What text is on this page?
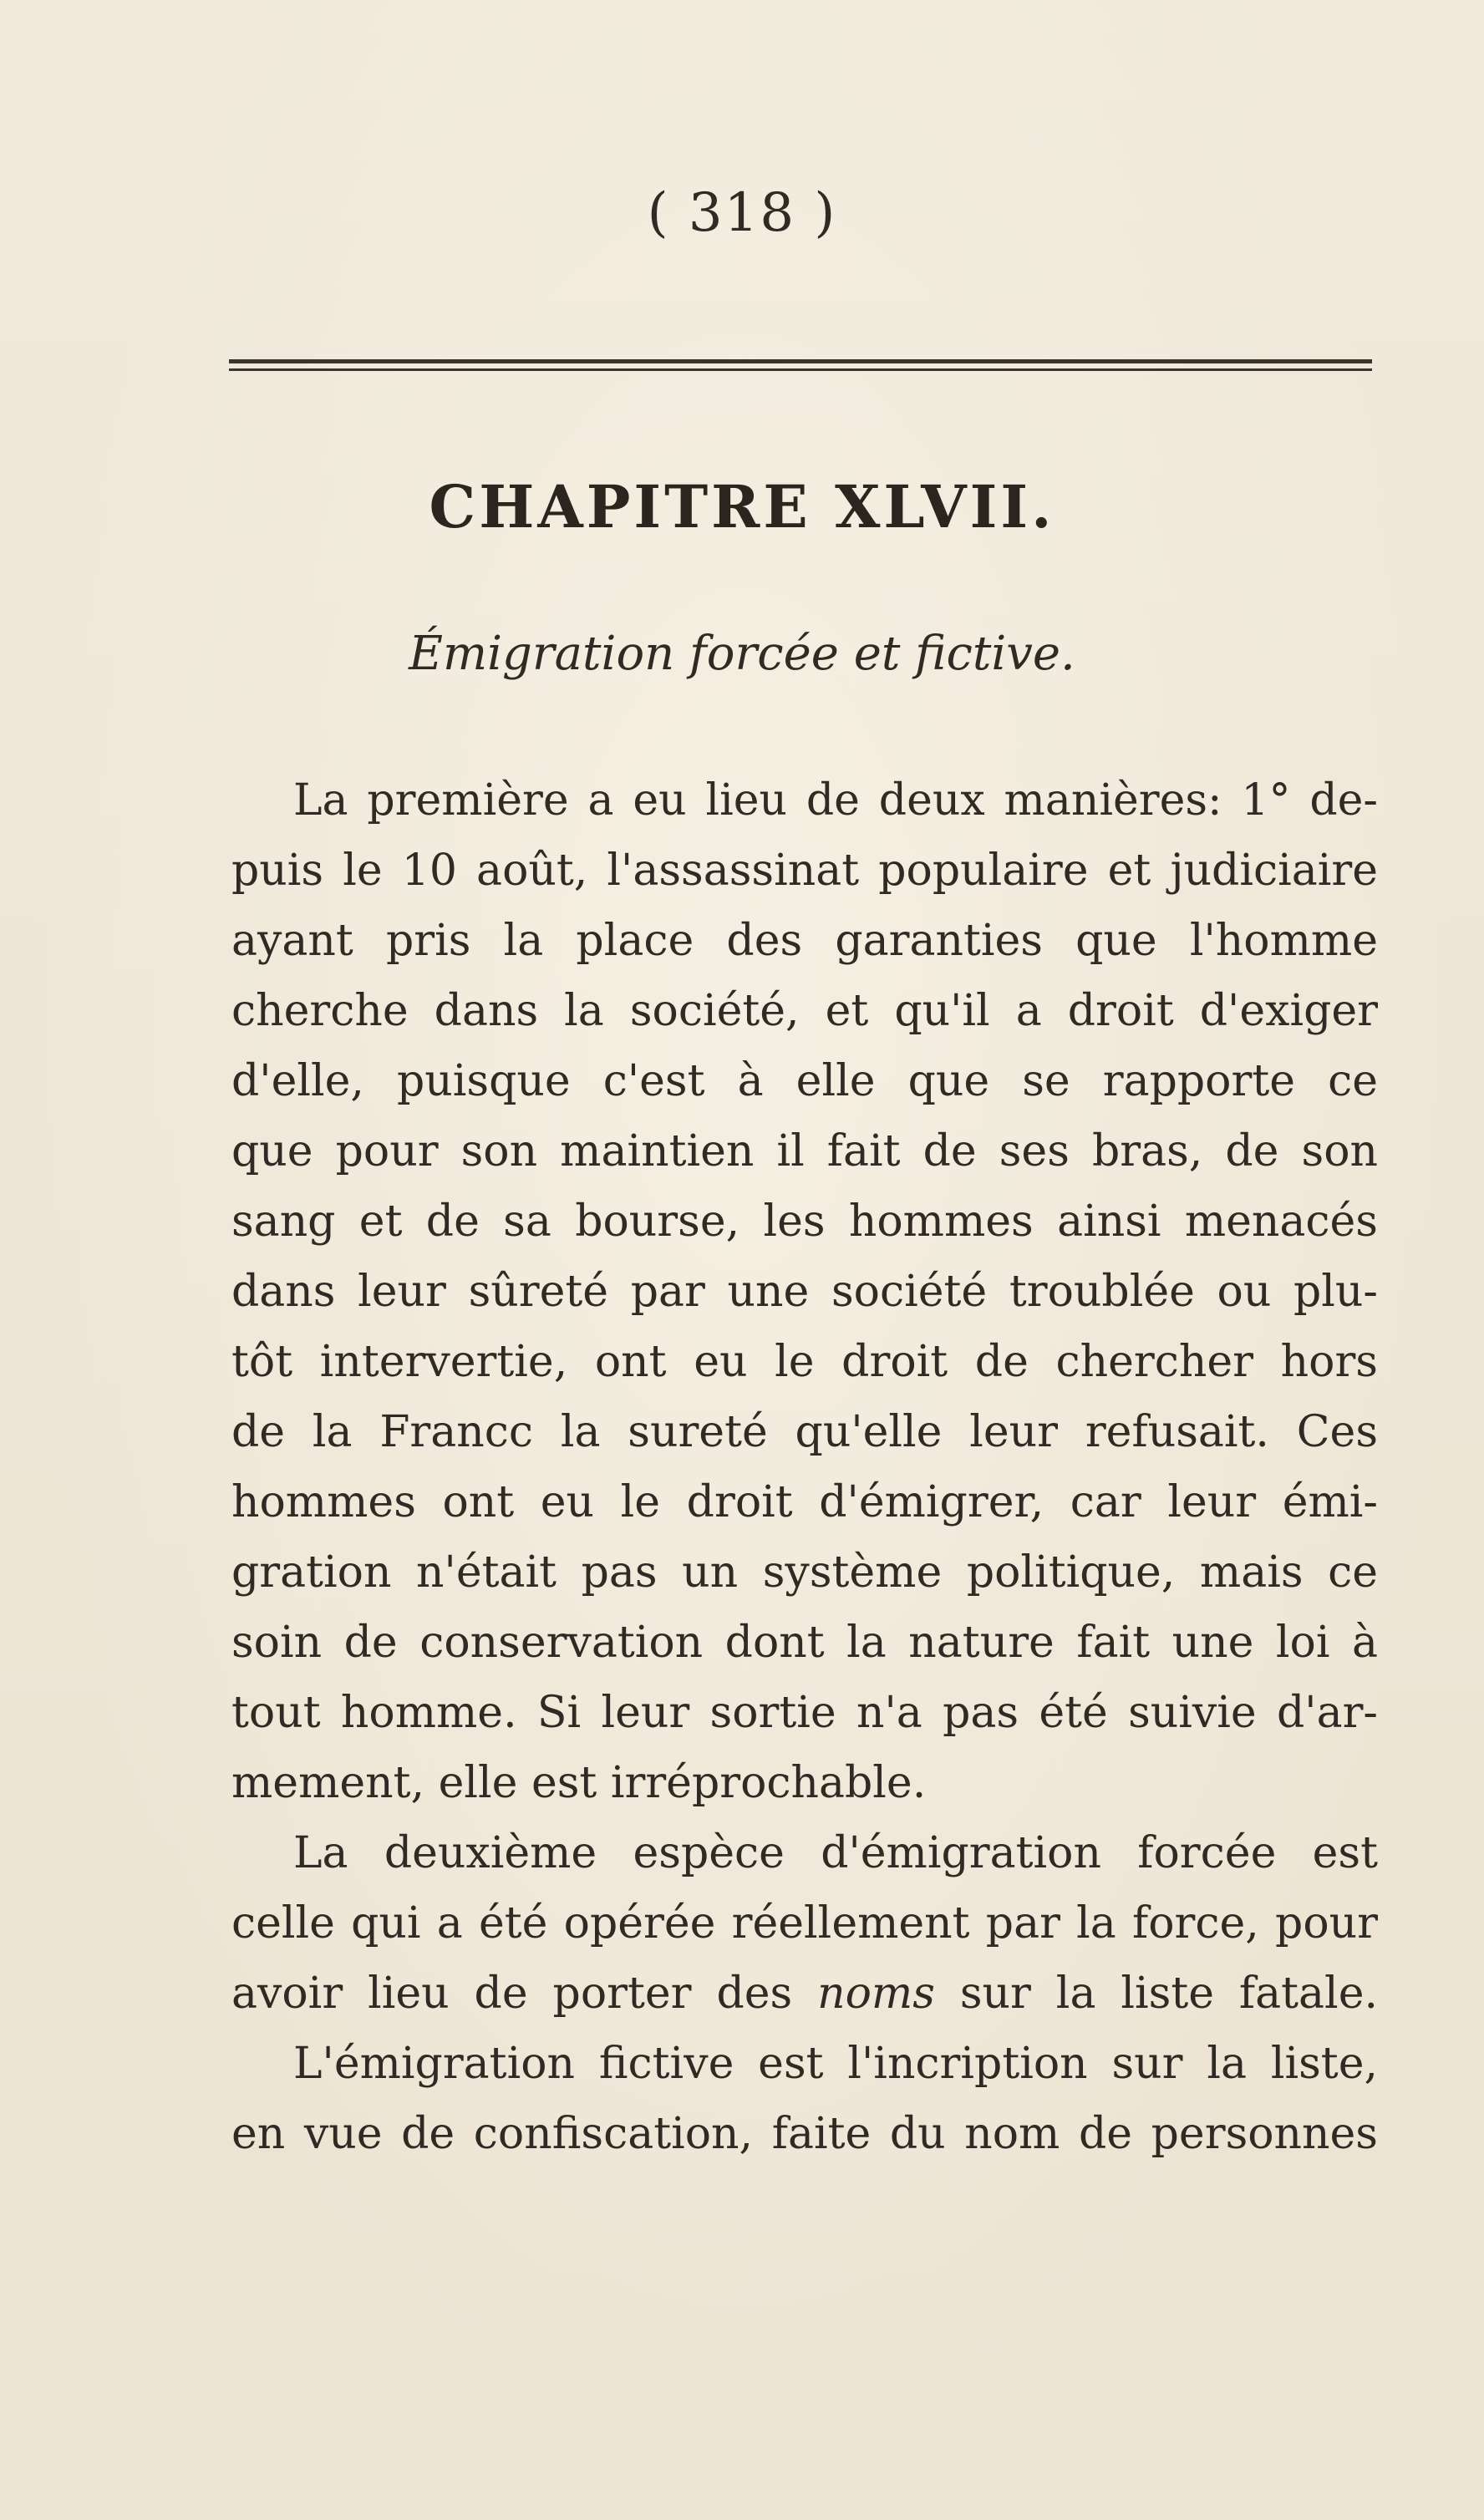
( 318 )
CHAPITRE XLVII.
Émigration forcée et fictive.
La première a eu lieu de deux manières: 1° de-
puis le 10 août, l'assassinat populaire et judiciaire
ayant pris la place des garanties que l'homme
cherche dans la société, et qu'il a droit d'exiger
d'elle, puisque c'est à elle que se rapporte ce
que pour son maintien il fait de ses bras, de son
sang et de sa bourse, les hommes ainsi menacés
dans leur sûreté par une société troublée ou plu-
tôt intervertie, ont eu le droit de chercher hors
de la Francc la sureté qu'elle leur refusait. Ces
hommes ont eu le droit d'émigrer, car leur émi-
gration n'était pas un système politique, mais ce
soin de conservation dont la nature fait une loi à
tout homme. Si leur sortie n'a pas été suivie d'ar-
mement, elle est irréprochable.
La deuxième espèce d'émigration forcée est
celle qui a été opérée réellement par la force, pour
avoir lieu de porter des noms sur la liste fatale.
L'émigration fictive est l'incription sur la liste,
en vue de confiscation, faite du nom de personnes
